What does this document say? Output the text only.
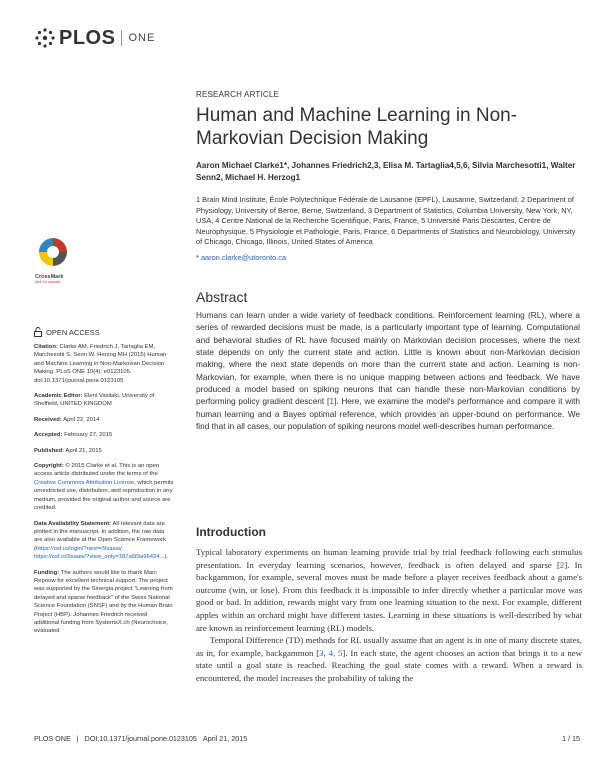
PLOS ONE
RESEARCH ARTICLE
Human and Machine Learning in Non-Markovian Decision Making
Aaron Michael Clarke1*, Johannes Friedrich2,3, Elisa M. Tartaglia4,5,6, Silvia Marchesotti1, Walter Senn2, Michael H. Herzog1
1 Brain Mind Institute, École Polytechnique Fédérale de Lausanne (EPFL), Lausanne, Switzerland, 2 Department of Physiology, University of Berne, Berne, Switzerland, 3 Department of Statistics, Columbia University, New York, NY, USA, 4 Centre National de la Recherche Scientifique, Paris, France, 5 Université Paris Descartes, Centre de Neurophysique, 5 Physiologie et Pathologie, Paris, France, 6 Departments of Statistics and Neurobiology, University of Chicago, Chicago, Illinois, United States of America
* aaron.clarke@utoronto.ca
Abstract
Humans can learn under a wide variety of feedback conditions. Reinforcement learning (RL), where a series of rewarded decisions must be made, is a particularly important type of learning. Computational and behavioral studies of RL have focused mainly on Markovian decision processes, where the next state depends on only the current state and action. Little is known about non-Markovian decision making, where the next state depends on more than the current state and action. Learning is non-Markovian, for example, when there is no unique mapping between actions and feedback. We have produced a model based on spiking neurons that can handle these non-Markovian conditions by performing policy gradient descent [1]. Here, we examine the model's performance and compare it with human learning and a Bayes optimal reference, which provides an upper-bound on performance. We find that in all cases, our population of spiking neurons model well-describes human performance.
Introduction

Typical laboratory experiments on human learning provide trial by trial feedback following each stimulus presentation. In everyday learning scenarios, however, feedback is often delayed and sparse [2]. In backgammon, for example, several moves must be made before a player receives feedback about a game's outcome (win, or lose). From this feedback it is impossible to infer directly whether a particular move was good or bad. In addition, rewards might vary from one learning situation to the next. For example, different apples within an orchard might have different tastes. Learning in these situations is well-described by what are known as reinforcement learning (RL) models.

Temporal Difference (TD) methods for RL usually assume that an agent is in one of many discrete states, as in, for example, backgammon [3, 4, 5]. In each state, the agent chooses an action that brings it to a new state until a goal state is reached. Reaching the goal state comes with a reward. When a reward is encountered, the model increases the probability of taking the

CrossMark
click for updates
OPEN ACCESS
Citation: Clarke AM, Friedrich J, Tartaglia EM, Marchesotti S, Senn W, Herzog MH (2015) Human and Machine Learning in Non-Markovian Decision Making. PLoS ONE 10(4): e0123105. doi:10.1371/journal.pone.0123105
Academic Editor: Eleni Vasilaki, University of Sheffield, UNITED KINGDOM
Received: April 22, 2014
Accepted: February 27, 2015
Published: April 21, 2015
Copyright: © 2015 Clarke et al. This is an open access article distributed under the terms of the Creative Commons Attribution License, which permits unrestricted use, distribution, and reproduction in any medium, provided the original author and source are credited.
Data Availability Statement: All relevant data are plotted in the manuscript. In addition, the raw data are also available at the Open Science Framework (https://osf.io/login/?next=/9saaw/; https://osf.io/9saaw/?view_only=187a6f3a96434...).
Funding: The authors would like to thank Marc Repnow for excellent technical support. The project was supported by the Sinergia project "Learning from delayed and sparse feedback" of the Swiss National Science Foundation (SNSF) and by the Human Brain Project (HBP). Johannes Friedrich received additional funding from SystemsX.ch (Neurochoice, evaluated
PLOS ONE | DOI:10.1371/journal.pone.0123105 April 21, 2015	1 / 15
